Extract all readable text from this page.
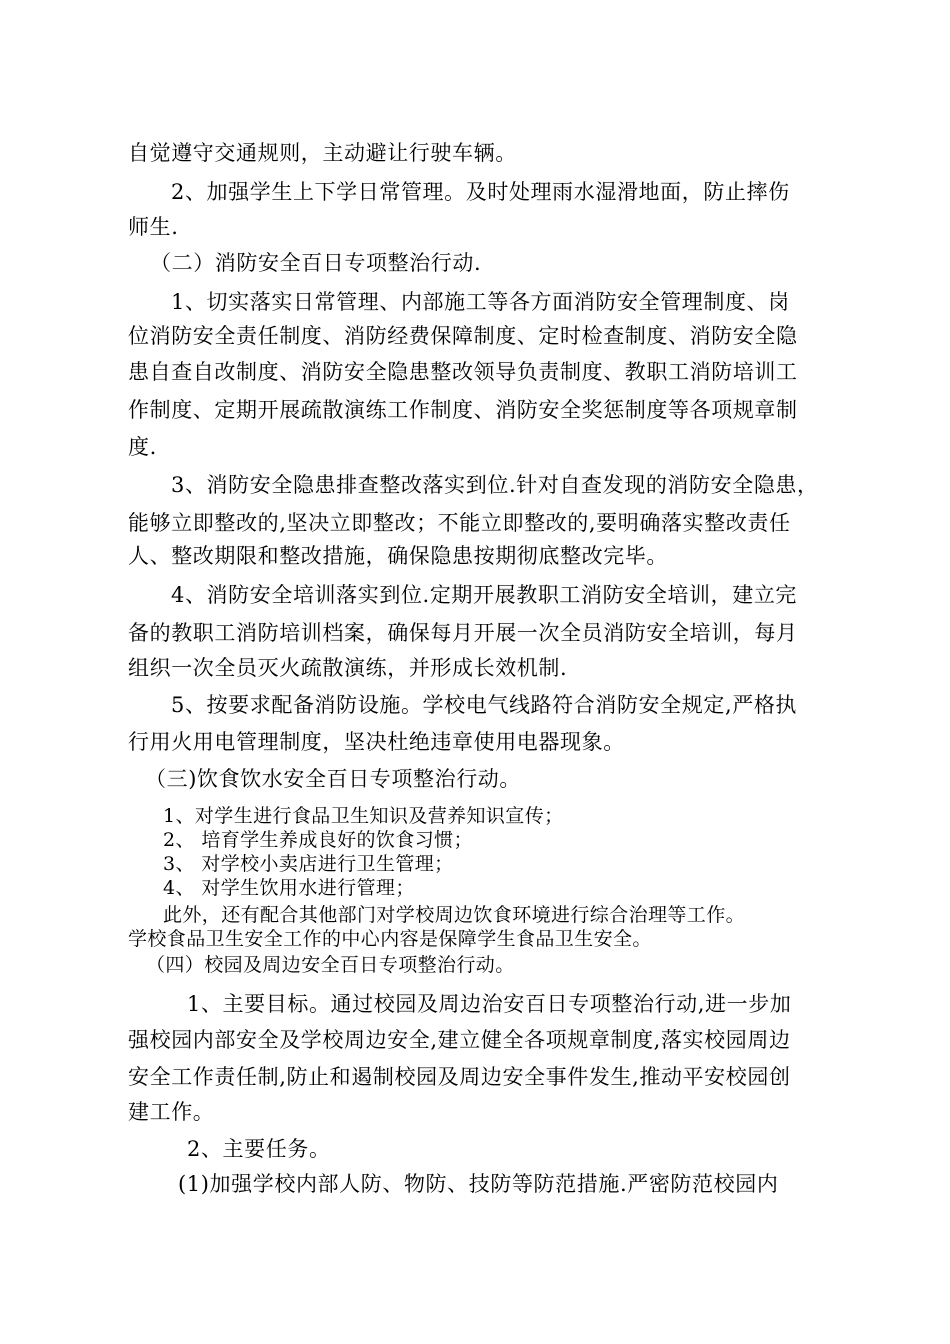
自觉遵守交通规则，主动避让行驶车辆。
2、加强学生上下学日常管理。及时处理雨水湿滑地面，防止摔伤
师生.
（二）消防安全百日专项整治行动.
1、切实落实日常管理、内部施工等各方面消防安全管理制度、岗
位消防安全责任制度、消防经费保障制度、定时检查制度、消防安全隐
患自查自改制度、消防安全隐患整改领导负责制度、教职工消防培训工
作制度、定期开展疏散演练工作制度、消防安全奖惩制度等各项规章制
度.
3、消防安全隐患排查整改落实到位.针对自查发现的消防安全隐患，
能够立即整改的,坚决立即整改；不能立即整改的,要明确落实整改责任
人、整改期限和整改措施，确保隐患按期彻底整改完毕。
4、消防安全培训落实到位.定期开展教职工消防安全培训，建立完
备的教职工消防培训档案，确保每月开展一次全员消防安全培训，每月
组织一次全员灭火疏散演练，并形成长效机制.
5、按要求配备消防设施。学校电气线路符合消防安全规定,严格执
行用火用电管理制度，坚决杜绝违章使用电器现象。
（三)饮食饮水安全百日专项整治行动。
1、对学生进行食品卫生知识及营养知识宣传；
2、 培育学生养成良好的饮食习惯；
3、 对学校小卖店进行卫生管理；
4、 对学生饮用水进行管理；
此外，还有配合其他部门对学校周边饮食环境进行综合治理等工作。
学校食品卫生安全工作的中心内容是保障学生食品卫生安全。
（四）校园及周边安全百日专项整治行动。
1、主要目标。通过校园及周边治安百日专项整治行动,进一步加
强校园内部安全及学校周边安全,建立健全各项规章制度,落实校园周边
安全工作责任制,防止和遏制校园及周边安全事件发生,推动平安校园创
建工作。
2、主要任务。
(1)加强学校内部人防、物防、技防等防范措施.严密防范校园内
